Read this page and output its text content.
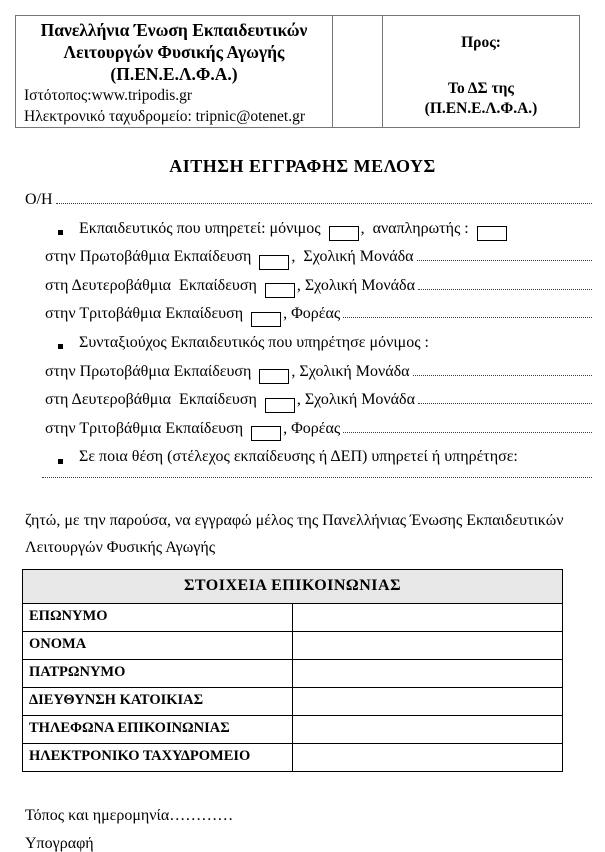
Πανελλήνια Ένωση Εκπαιδευτικών
Λειτουργών Φυσικής Αγωγής
(Π.ΕΝ.Ε.Λ.Φ.Α.)
Ιστότοπος:www.tripodis.gr
Ηλεκτρονικό ταχυδρομείο: tripnic@otenet.gr
Προς:
Το ΔΣ της
(Π.ΕΝ.Ε.Λ.Φ.Α.)
ΑΙΤΗΣΗ ΕΓΓΡΑΦΗΣ ΜΕΛΟΥΣ
Ο/Η
Εκπαιδευτικός που υπηρετεί: μόνιμος	,  αναπληρωτής :
στην Πρωτοβάθμια Εκπαίδευση	,  Σχολική Μονάδα
στη Δευτεροβάθμια  Εκπαίδευση	, Σχολική Μονάδα
στην Τριτοβάθμια Εκπαίδευση	, Φορέας
Συνταξιούχος Εκπαιδευτικός που υπηρέτησε μόνιμος :
στην Πρωτοβάθμια Εκπαίδευση	, Σχολική Μονάδα
στη Δευτεροβάθμια  Εκπαίδευση	, Σχολική Μονάδα
στην Τριτοβάθμια Εκπαίδευση	, Φορέας
Σε ποια θέση (στέλεχος εκπαίδευσης ή ΔΕΠ) υπηρετεί ή υπηρέτησε:
ζητώ, με την παρούσα, να εγγραφώ μέλος της Πανελλήνιας Ένωσης Εκπαιδευτικών
Λειτουργών Φυσικής Αγωγής
ΣΤΟΙΧΕΙΑ ΕΠΙΚΟΙΝΩΝΙΑΣ	
ΕΠΩΝΥΜΟ	
ΟΝΟΜΑ	
ΠΑΤΡΩΝΥΜΟ	
ΔΙΕΥΘΥΝΣΗ ΚΑΤΟΙΚΙΑΣ	
ΤΗΛΕΦΩΝΑ ΕΠΙΚΟΙΝΩΝΙΑΣ	
ΗΛΕΚΤΡΟΝΙΚΟ ΤΑΧΥΔΡΟΜΕΙΟ	
Τόπος και ημερομηνία…………
Υπογραφή
